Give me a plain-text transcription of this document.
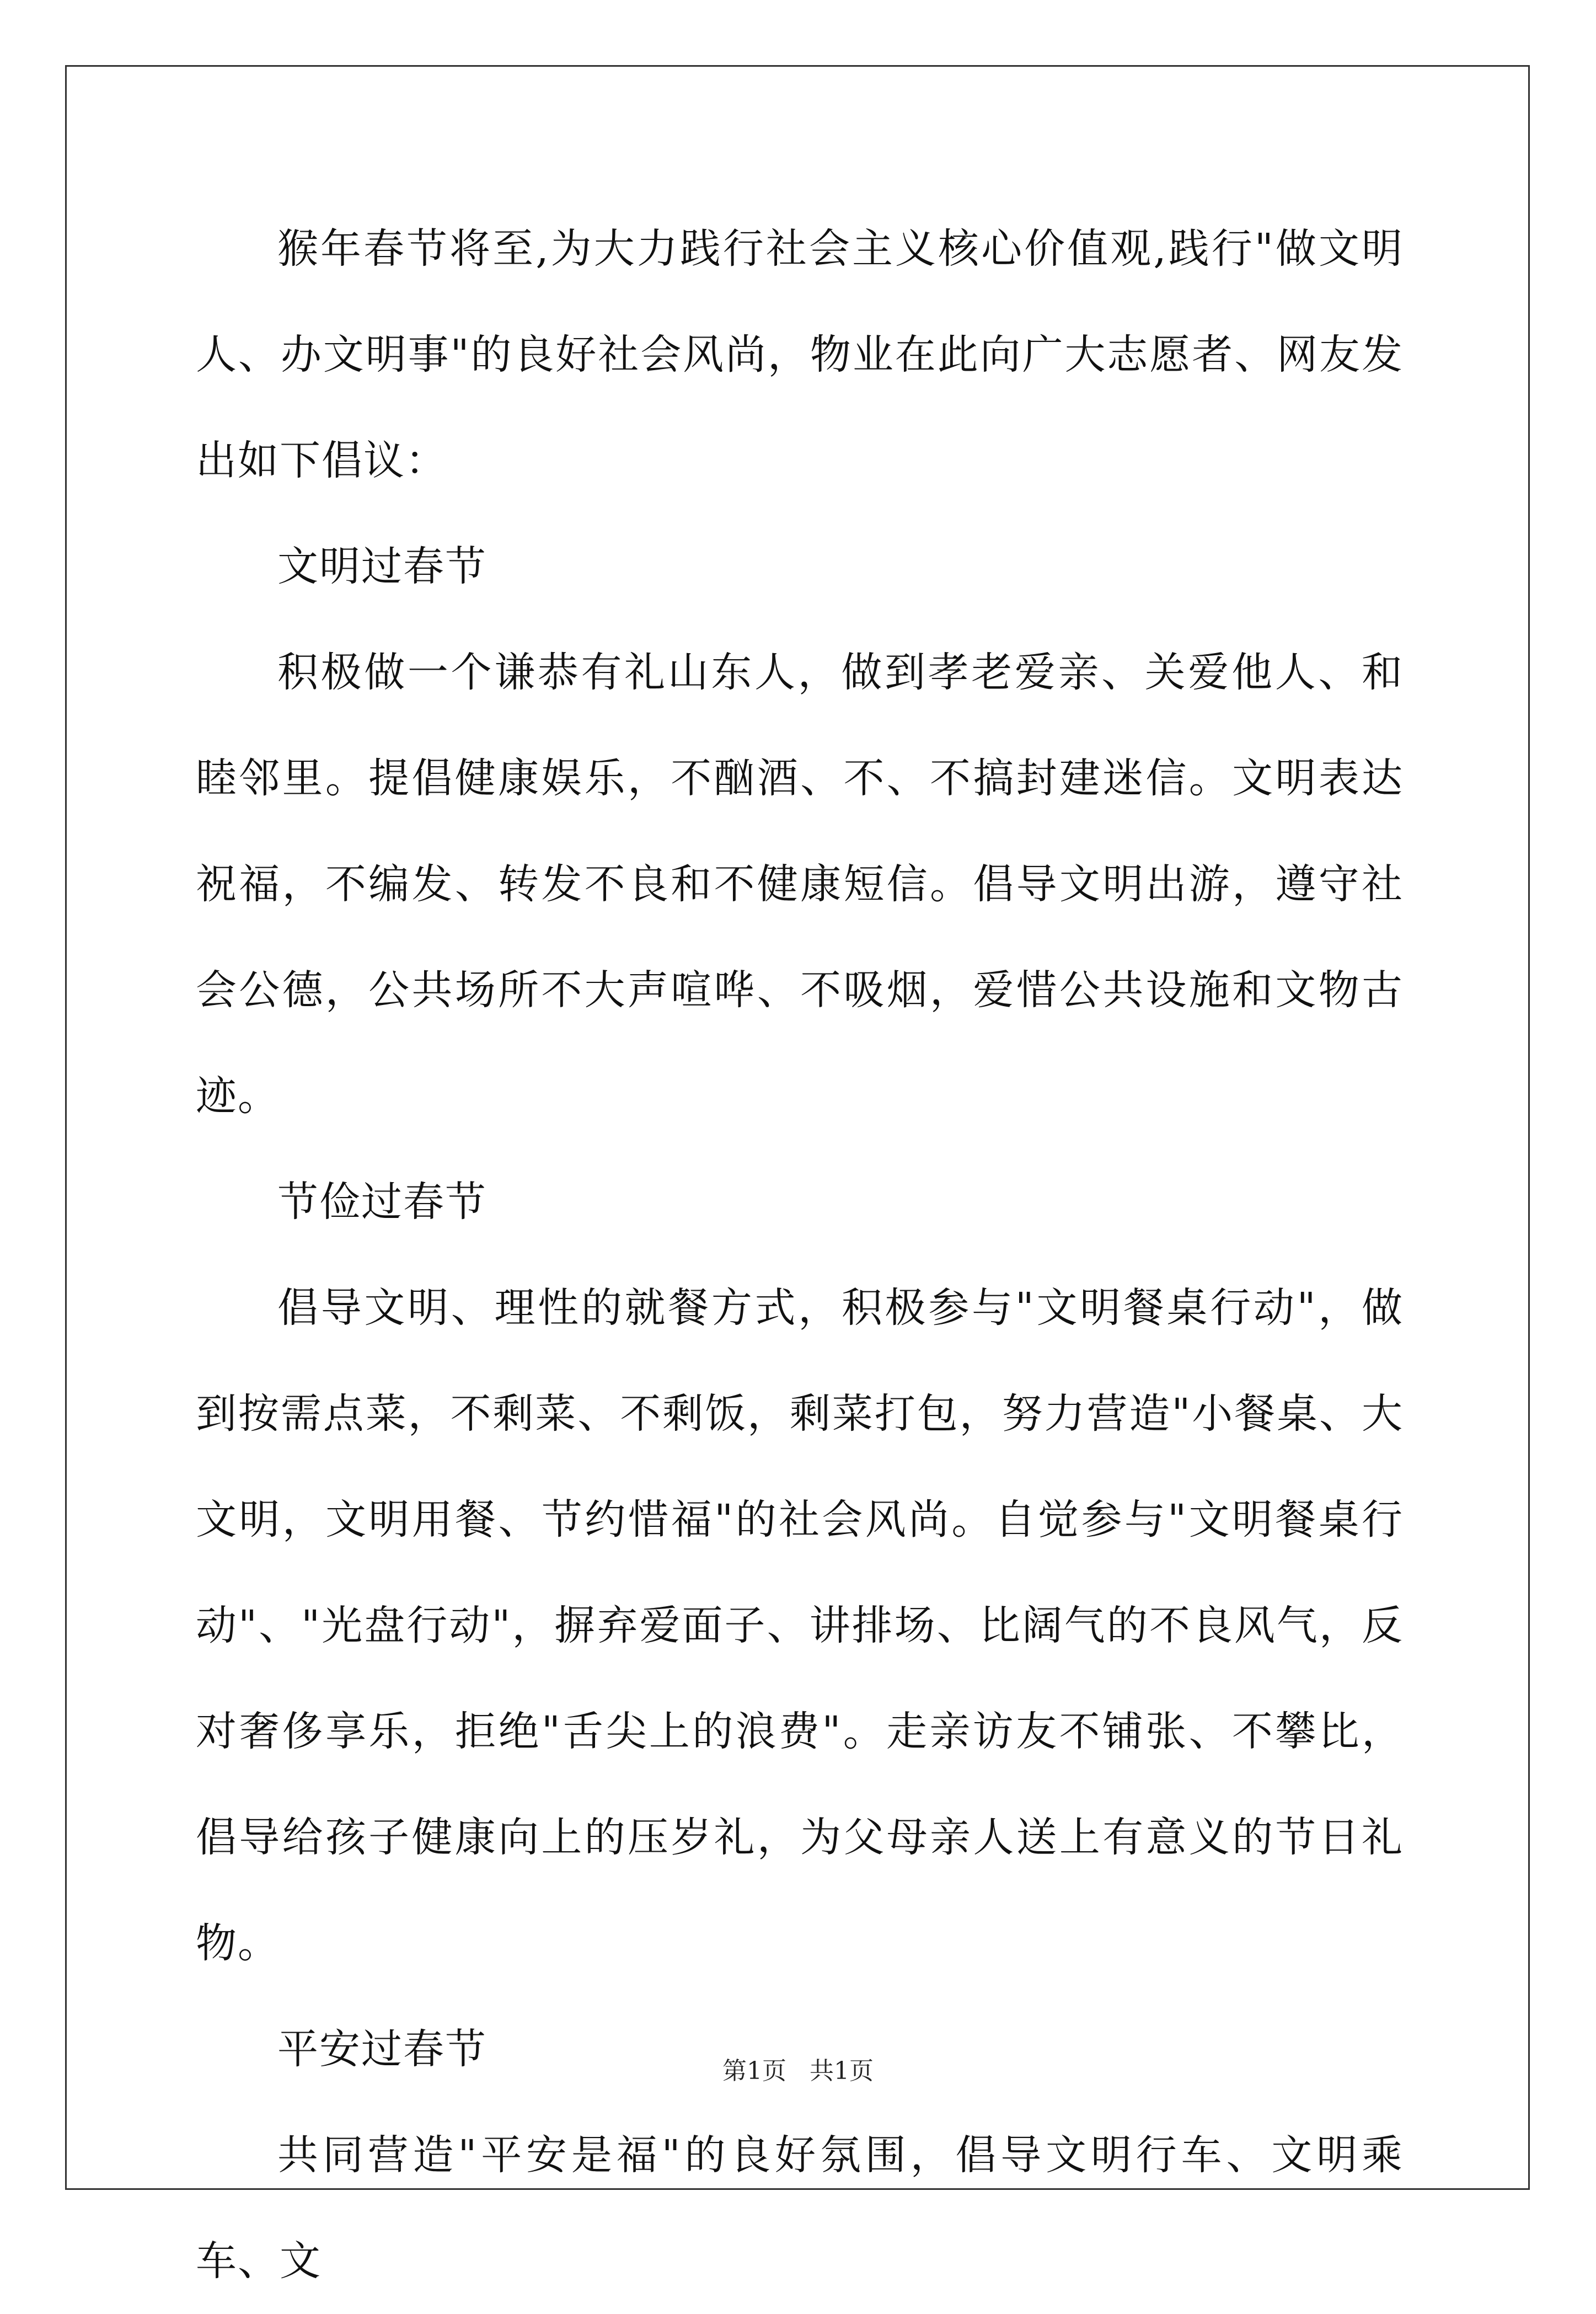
猴年春节将至,为大力践行社会主义核心价值观,践行"做文明人、办文明事"的良好社会风尚，物业在此向广大志愿者、网友发出如下倡议：

文明过春节

积极做一个谦恭有礼山东人，做到孝老爱亲、关爱他人、和睦邻里。提倡健康娱乐，不酗酒、不、不搞封建迷信。文明表达祝福，不编发、转发不良和不健康短信。倡导文明出游，遵守社会公德，公共场所不大声喧哗、不吸烟，爱惜公共设施和文物古迹。

节俭过春节

倡导文明、理性的就餐方式，积极参与"文明餐桌行动"，做到按需点菜，不剩菜、不剩饭，剩菜打包，努力营造"小餐桌、大文明，文明用餐、节约惜福"的社会风尚。自觉参与"文明餐桌行动"、"光盘行动"，摒弃爱面子、讲排场、比阔气的不良风气，反对奢侈享乐，拒绝"舌尖上的浪费"。走亲访友不铺张、不攀比，倡导给孩子健康向上的压岁礼，为父母亲人送上有意义的节日礼物。

平安过春节

共同营造"平安是福"的良好氛围，倡导文明行车、文明乘车、文

第1页 共1页
